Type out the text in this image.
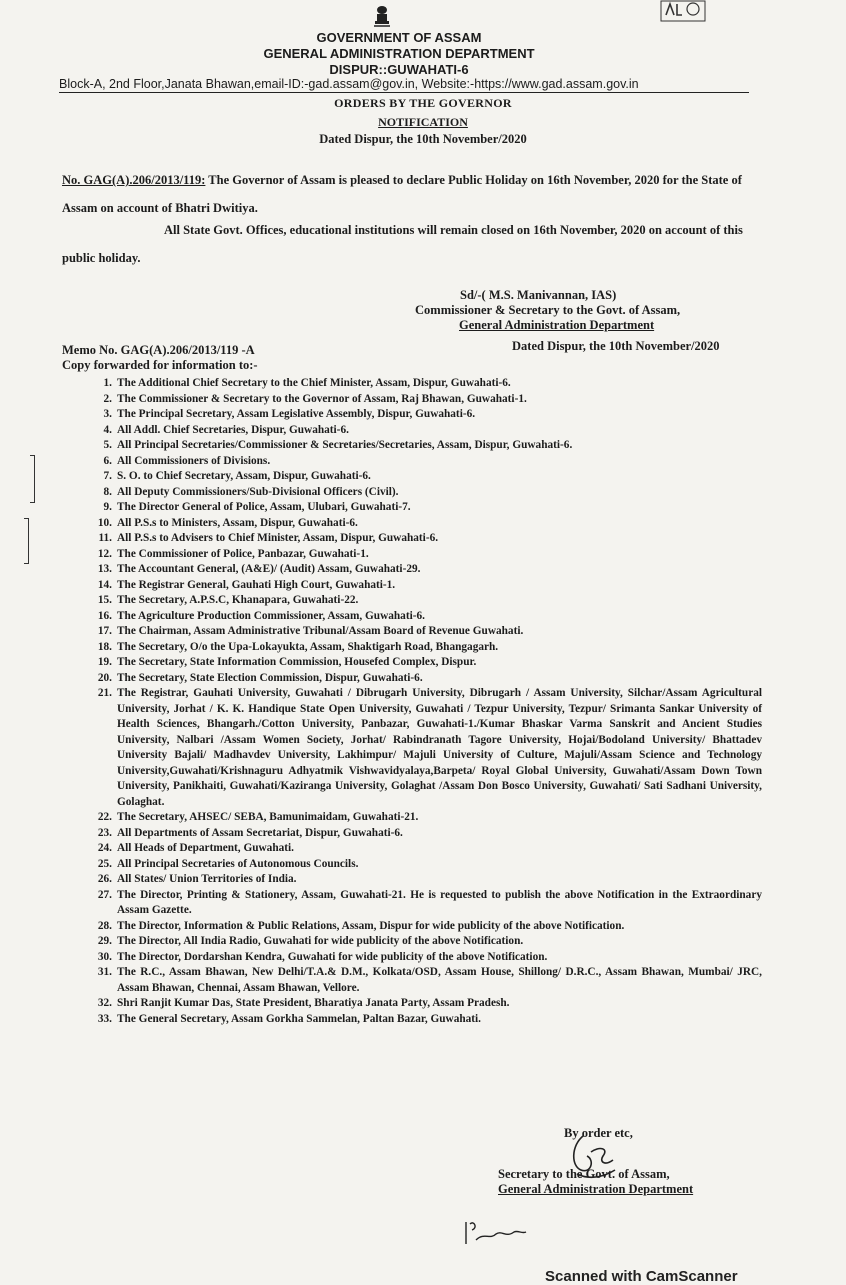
GOVERNMENT OF ASSAM
GENERAL ADMINISTRATION DEPARTMENT
DISPUR::GUWAHATI-6
Block-A, 2nd Floor,Janata Bhawan,email-ID:-gad.assam@gov.in, Website:-https://www.gad.assam.gov.in
ORDERS BY THE GOVERNOR
NOTIFICATION
Dated Dispur, the 10th November/2020
No. GAG(A).206/2013/119: The Governor of Assam is pleased to declare Public Holiday on 16th November, 2020 for the State of Assam on account of Bhatri Dwitiya.
All State Govt. Offices, educational institutions will remain closed on 16th November, 2020 on account of this public holiday.
Sd/-( M.S. Manivannan, IAS)
Commissioner & Secretary to the Govt. of Assam,
General Administration Department
Memo No. GAG(A).206/2013/119 -A	Dated Dispur, the 10th November/2020
Copy forwarded for information to:-
1. The Additional Chief Secretary to the Chief Minister, Assam, Dispur, Guwahati-6.
2. The Commissioner & Secretary to the Governor of Assam, Raj Bhawan, Guwahati-1.
3. The Principal Secretary, Assam Legislative Assembly, Dispur, Guwahati-6.
4. All Addl. Chief Secretaries, Dispur, Guwahati-6.
5. All Principal Secretaries/Commissioner & Secretaries/Secretaries, Assam, Dispur, Guwahati-6.
6. All Commissioners of Divisions.
7. S. O. to Chief Secretary, Assam, Dispur, Guwahati-6.
8. All Deputy Commissioners/Sub-Divisional Officers (Civil).
9. The Director General of Police, Assam, Ulubari, Guwahati-7.
10. All P.S.s to Ministers, Assam, Dispur, Guwahati-6.
11. All P.S.s to Advisers to Chief Minister, Assam, Dispur, Guwahati-6.
12. The Commissioner of Police, Panbazar, Guwahati-1.
13. The Accountant General, (A&E)/ (Audit) Assam, Guwahati-29.
14. The Registrar General, Gauhati High Court, Guwahati-1.
15. The Secretary, A.P.S.C, Khanapara, Guwahati-22.
16. The Agriculture Production Commissioner, Assam, Guwahati-6.
17. The Chairman, Assam Administrative Tribunal/Assam Board of Revenue Guwahati.
18. The Secretary, O/o the Upa-Lokayukta, Assam, Shaktigarh Road, Bhangagarh.
19. The Secretary, State Information Commission, Housefed Complex, Dispur.
20. The Secretary, State Election Commission, Dispur, Guwahati-6.
21. The Registrar, Gauhati University, Guwahati / Dibrugarh University, Dibrugarh / Assam University, Silchar/Assam Agricultural University, Jorhat / K. K. Handique State Open University, Guwahati / Tezpur University, Tezpur/ Srimanta Sankar University of Health Sciences, Bhangarh./Cotton University, Panbazar, Guwahati-1./Kumar Bhaskar Varma Sanskrit and Ancient Studies University, Nalbari /Assam Women Society, Jorhat/ Rabindranath Tagore University, Hojai/Bodoland University/ Bhattadev University Bajali/ Madhavdev University, Lakhimpur/ Majuli University of Culture, Majuli/Assam Science and Technology University,Guwahati/Krishnaguru Adhyatmik Vishwavidyalaya,Barpeta/ Royal Global University, Guwahati/Assam Down Town University, Panikhaiti, Guwahati/Kaziranga University, Golaghat /Assam Don Bosco University, Guwahati/ Sati Sadhani University, Golaghat.
22. The Secretary, AHSEC/ SEBA, Bamunimaidam, Guwahati-21.
23. All Departments of Assam Secretariat, Dispur, Guwahati-6.
24. All Heads of Department, Guwahati.
25. All Principal Secretaries of Autonomous Councils.
26. All States/ Union Territories of India.
27. The Director, Printing & Stationery, Assam, Guwahati-21. He is requested to publish the above Notification in the Extraordinary Assam Gazette.
28. The Director, Information & Public Relations, Assam, Dispur for wide publicity of the above Notification.
29. The Director, All India Radio, Guwahati for wide publicity of the above Notification.
30. The Director, Dordarshan Kendra, Guwahati for wide publicity of the above Notification.
31. The R.C., Assam Bhawan, New Delhi/T.A.& D.M., Kolkata/OSD, Assam House, Shillong/ D.R.C., Assam Bhawan, Mumbai/ JRC, Assam Bhawan, Chennai, Assam Bhawan, Vellore.
32. Shri Ranjit Kumar Das, State President, Bharatiya Janata Party, Assam Pradesh.
33. The General Secretary, Assam Gorkha Sammelan, Paltan Bazar, Guwahati.
By order etc,
Secretary to the Govt. of Assam,
General Administration Department
Scanned with CamScanner
